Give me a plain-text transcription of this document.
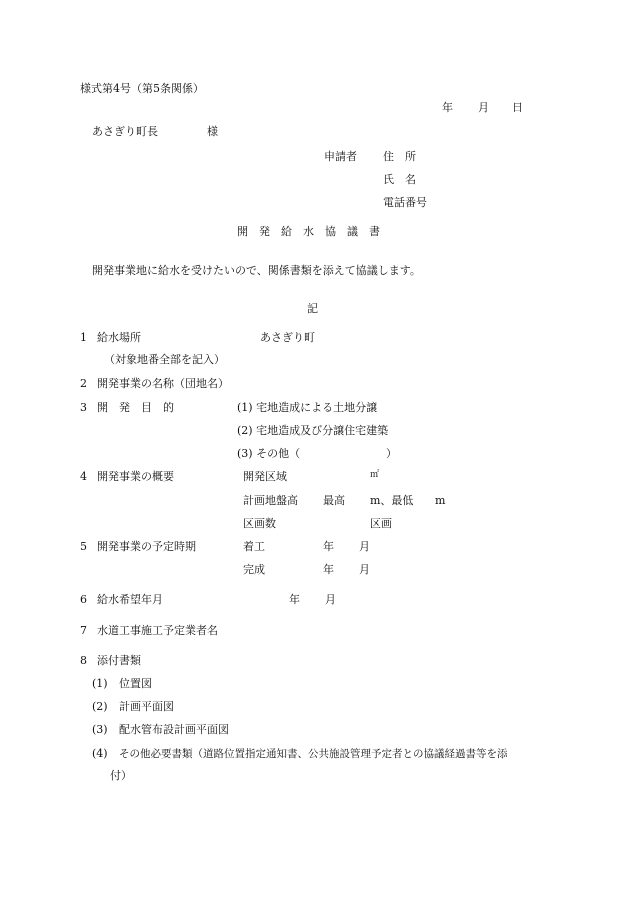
様式第4号（第5条関係）
年 月 日
あさぎり町長	様
申請者 住　所
氏　名
電話番号
開　発　給　水　協　議　書
開発事業地に給水を受けたいので、関係書類を添えて協議します。
記
1 給水場所	あさぎり町
（対象地番全部を記入）
2 開発事業の名称（団地名）
3 開　発　目　的	(1) 宅地造成による土地分譲
(2) 宅地造成及び分譲住宅建築
(3) その他（	）
4 開発事業の概要	開発区域	㎡
計画地盤高 最高 m、最低 m
区画数	区画
5 開発事業の予定時期	着工	年 月
完成	年 月
6 給水希望年月	年 月
7 水道工事施工予定業者名
8 添付書類
(1) 位置図
(2) 計画平面図
(3) 配水管布設計画平面図
(4) その他必要書類（道路位置指定通知書、公共施設管理予定者との協議経過書等を添
付）
